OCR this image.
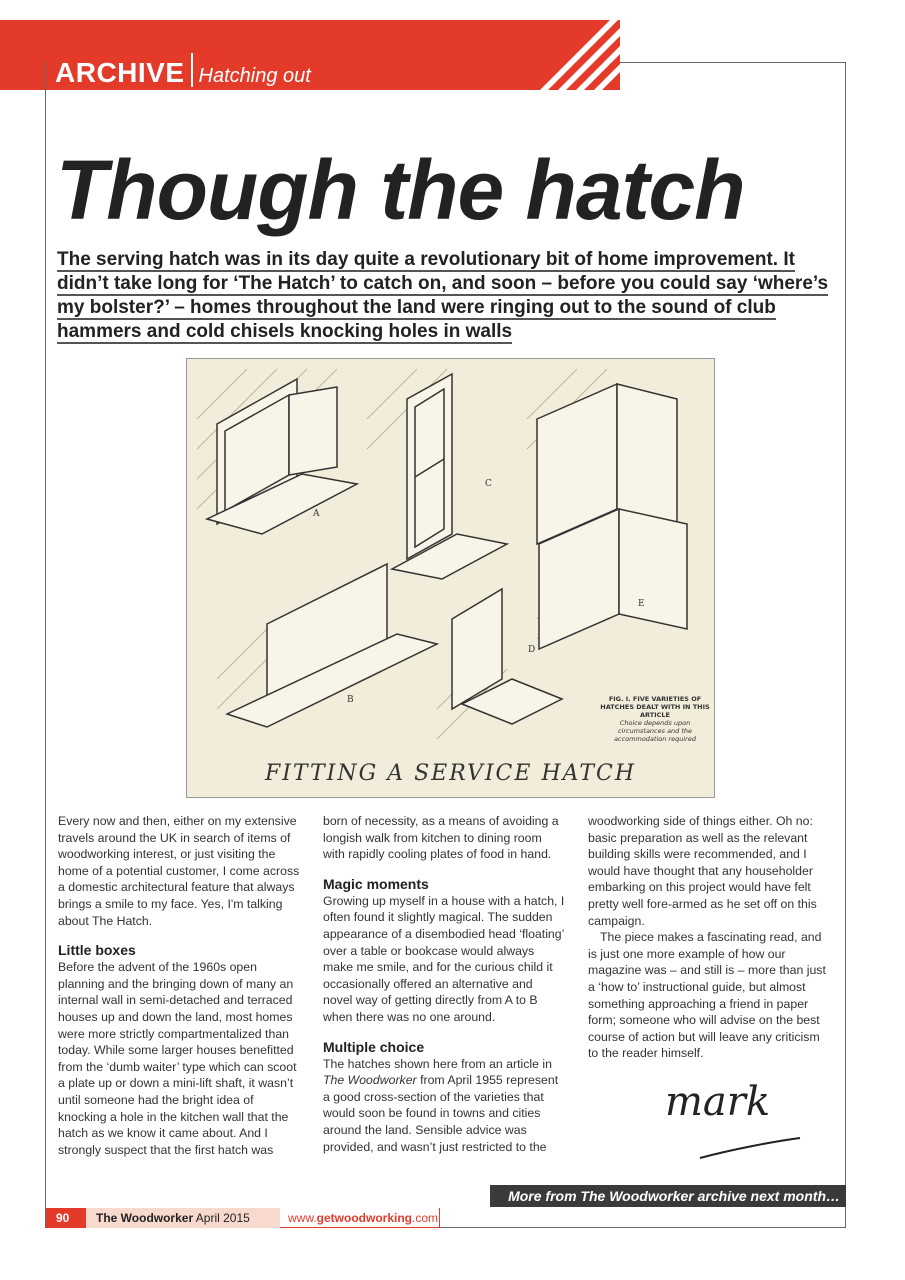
ARCHIVE Hatching out
Though the hatch

The serving hatch was in its day quite a revolutionary bit of home improvement. It didn’t take long for ‘The Hatch’ to catch on, and soon – before you could say ‘where’s my bolster?’ – homes throughout the land were ringing out to the sound of club hammers and cold chisels knocking holes in walls

A
B
C
D
E
FIG. I. FIVE VARIETIES OF HATCHES DEALT WITH IN THIS ARTICLE
Choice depends upon circumstances and the accommodation required
FITTING A SERVICE HATCH

Every now and then, either on my extensive travels around the UK in search of items of woodworking interest, or just visiting the home of a potential customer, I come across a domestic architectural feature that always brings a smile to my face. Yes, I'm talking about The Hatch.

Little boxes

Before the advent of the 1960s open planning and the bringing down of many an internal wall in semi-detached and terraced houses up and down the land, most homes were more strictly compartmentalized than today. While some larger houses benefitted from the ‘dumb waiter’ type which can scoot a plate up or down a mini-lift shaft, it wasn’t until someone had the bright idea of knocking a hole in the kitchen wall that the hatch as we know it came about. And I strongly suspect that the first hatch was

born of necessity, as a means of avoiding a longish walk from kitchen to dining room with rapidly cooling plates of food in hand.

Magic moments

Growing up myself in a house with a hatch, I often found it slightly magical. The sudden appearance of a disembodied head ‘floating’ over a table or bookcase would always make me smile, and for the curious child it occasionally offered an alternative and novel way of getting directly from A to B when there was no one around.

Multiple choice

The hatches shown here from an article in
The Woodworker from April 1955 represent a good cross-section of the varieties that would soon be found in towns and cities around the land. Sensible advice was provided, and wasn’t just restricted to the

woodworking side of things either. Oh no: basic preparation as well as the relevant building skills were recommended, and I would have thought that any householder embarking on this project would have felt pretty well fore-armed as he set off on this campaign.

The piece makes a fascinating read, and is just one more example of how our magazine was – and still is – more than just a ‘how to’ instructional guide, but almost something approaching a friend in paper form; someone who will advise on the best course of action but will leave any criticism to the reader himself.

mark
More from The Woodworker archive next month…
90	The Woodworker April 2015	www.getwoodworking.com
